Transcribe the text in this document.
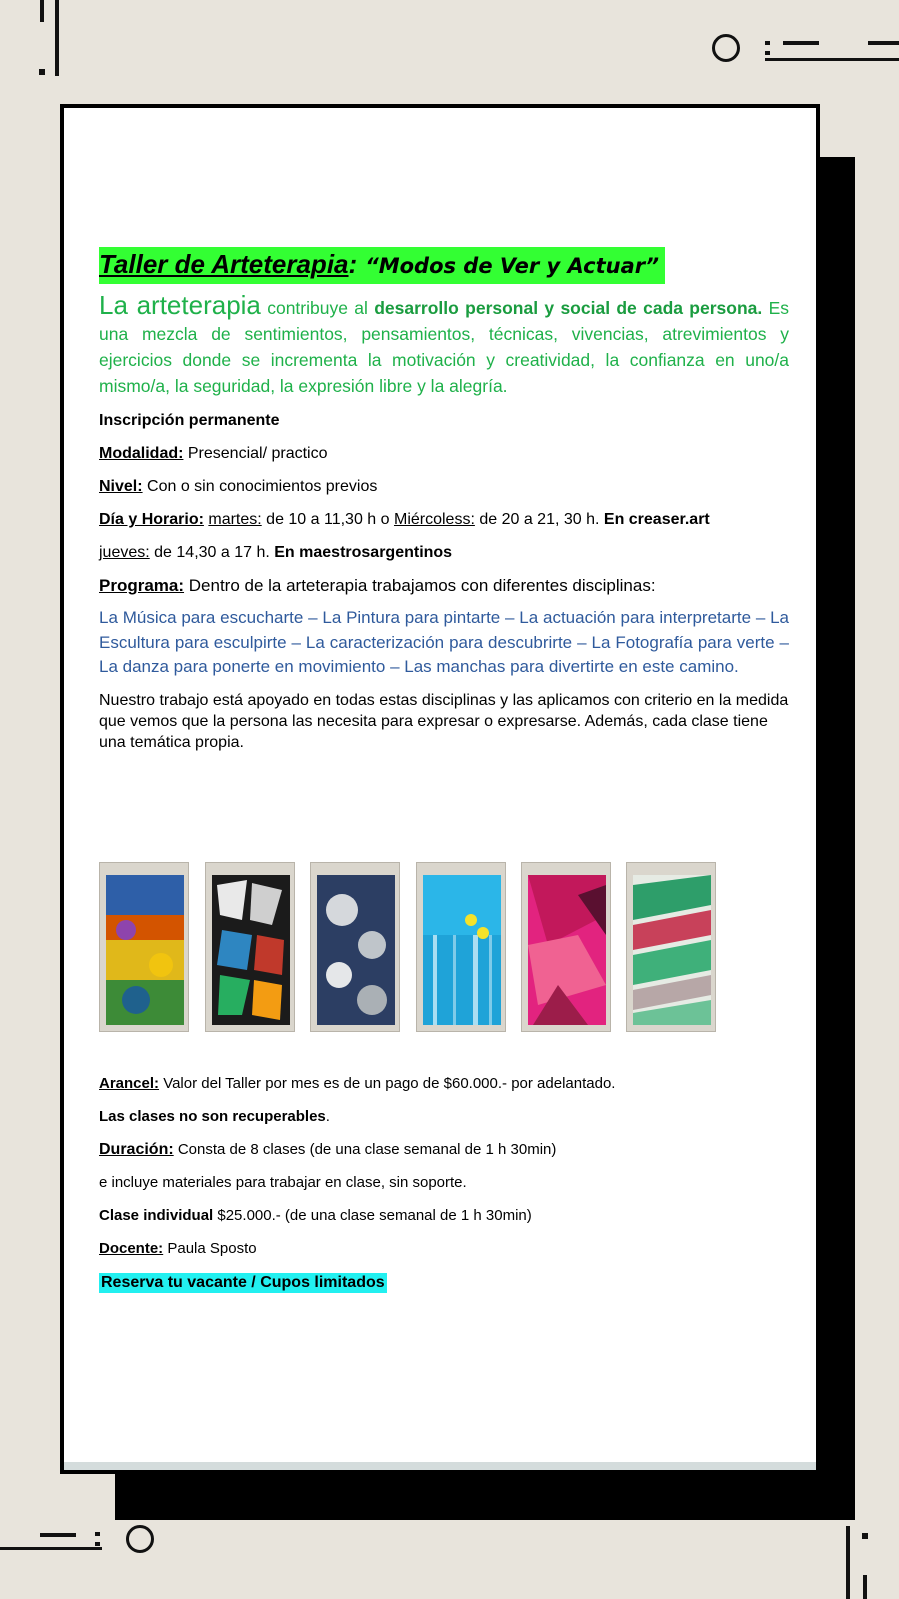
Taller de Arteterapia: “Modos de Ver y Actuar”
La arteterapia contribuye al desarrollo personal y social de cada persona. Es una mezcla de sentimientos, pensamientos, técnicas, vivencias, atrevimientos y ejercicios donde se incrementa la motivación y creatividad, la confianza en uno/a mismo/a, la seguridad, la expresión libre y la alegría.
Inscripción permanente
Modalidad: Presencial/ practico
Nivel: Con o sin conocimientos previos
Día y Horario: martes: de 10 a 11,30 h o Miércoless: de 20 a 21, 30 h. En creaser.art
jueves: de 14,30 a 17 h. En maestrosargentinos
Programa: Dentro de la arteterapia trabajamos con diferentes disciplinas:
La Música para escucharte – La Pintura para pintarte – La actuación para interpretarte – La Escultura para esculpirte – La caracterización para descubrirte – La Fotografía para verte – La danza para ponerte en movimiento – Las manchas para divertirte en este camino.
Nuestro trabajo está apoyado en todas estas disciplinas y las aplicamos con criterio en la medida que vemos que la persona las necesita para expresar o expresarse. Además, cada clase tiene una temática propia.
Arancel: Valor del Taller por mes es de un pago de $60.000.- por adelantado.
Las clases no son recuperables.
Duración: Consta de 8 clases (de una clase semanal de 1 h 30min)
e incluye materiales para trabajar en clase, sin soporte.
Clase individual $25.000.- (de una clase semanal de 1 h 30min)
Docente: Paula Sposto
Reserva tu vacante / Cupos limitados
